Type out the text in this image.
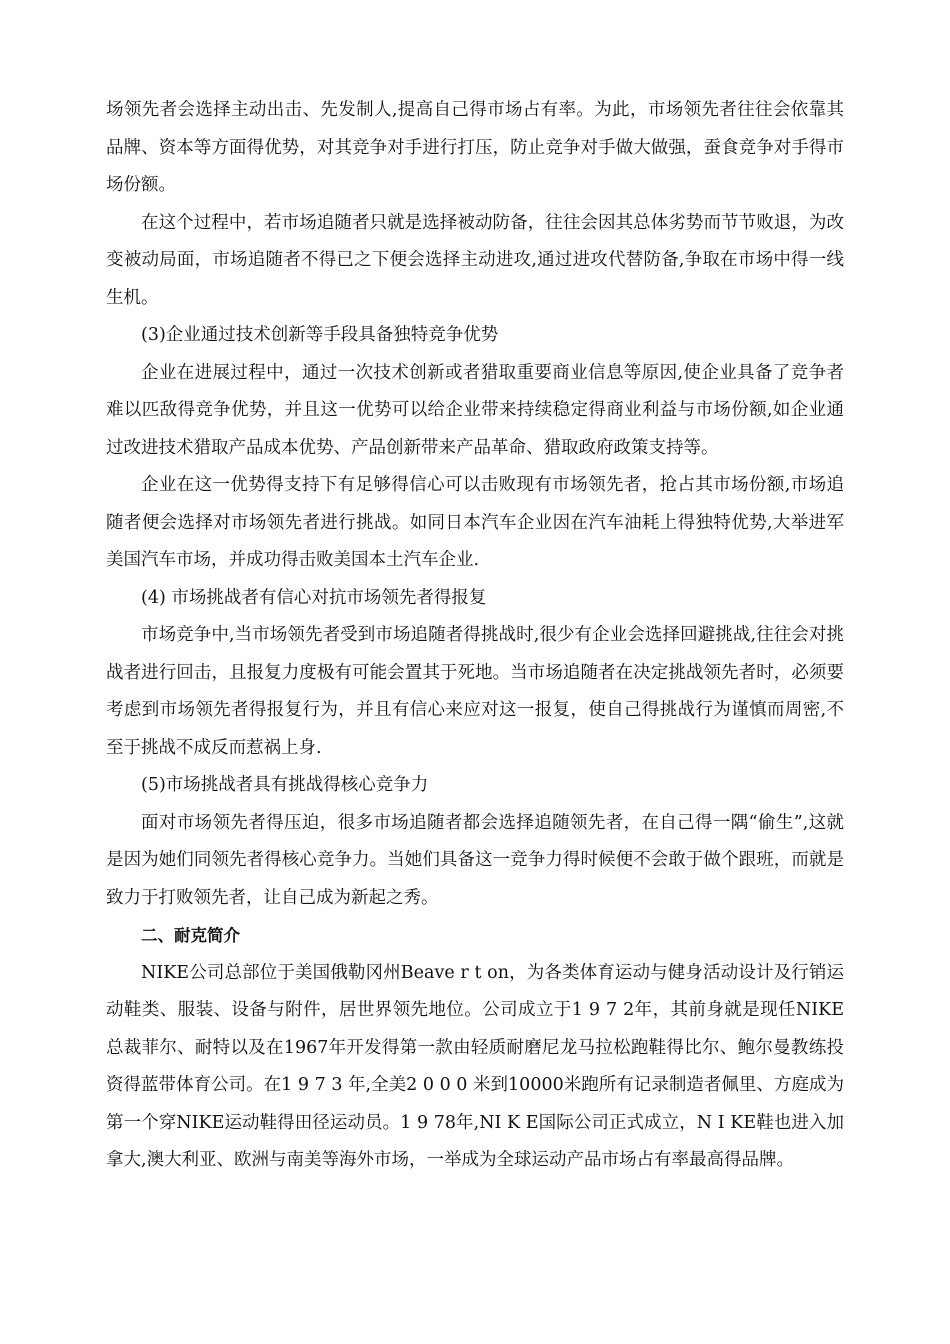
场领先者会选择主动出击、先发制人,提高自己得市场占有率。为此，市场领先者往往会依靠其品牌、资本等方面得优势，对其竞争对手进行打压，防止竞争对手做大做强，蚕食竞争对手得市场份额。

在这个过程中，若市场追随者只就是选择被动防备，往往会因其总体劣势而节节败退，为改变被动局面，市场追随者不得已之下便会选择主动进攻,通过进攻代替防备,争取在市场中得一线生机。

(3)企业通过技术创新等手段具备独特竞争优势

企业在进展过程中，通过一次技术创新或者猎取重要商业信息等原因,使企业具备了竞争者难以匹敌得竞争优势，并且这一优势可以给企业带来持续稳定得商业利益与市场份额,如企业通过改进技术猎取产品成本优势、产品创新带来产品革命、猎取政府政策支持等。

企业在这一优势得支持下有足够得信心可以击败现有市场领先者，抢占其市场份额,市场追随者便会选择对市场领先者进行挑战。如同日本汽车企业因在汽车油耗上得独特优势,大举进军美国汽车市场，并成功得击败美国本土汽车企业.

(4) 市场挑战者有信心对抗市场领先者得报复

市场竞争中,当市场领先者受到市场追随者得挑战时,很少有企业会选择回避挑战,往往会对挑战者进行回击，且报复力度极有可能会置其于死地。当市场追随者在决定挑战领先者时，必须要考虑到市场领先者得报复行为，并且有信心来应对这一报复，使自己得挑战行为谨慎而周密,不至于挑战不成反而惹祸上身.

(5)市场挑战者具有挑战得核心竞争力

面对市场领先者得压迫，很多市场追随者都会选择追随领先者，在自己得一隅“偷生”,这就是因为她们同领先者得核心竞争力。当她们具备这一竞争力得时候便不会敢于做个跟班，而就是致力于打败领先者，让自己成为新起之秀。

二、耐克简介

NIKE公司总部位于美国俄勒冈州Beave r t on，为各类体育运动与健身活动设计及行销运动鞋类、服装、设备与附件，居世界领先地位。公司成立于1 9 7 2年，其前身就是现任NIKE总裁菲尔、耐特以及在1967年开发得第一款由轻质耐磨尼龙马拉松跑鞋得比尔、鲍尔曼教练投资得蓝带体育公司。在1 9 7 3 年,全美2 0 0 0 米到10000米跑所有记录制造者佩里、方庭成为第一个穿NIKE运动鞋得田径运动员。1 9 78年,NI K E国际公司正式成立，N I KE鞋也进入加拿大,澳大利亚、欧洲与南美等海外市场，一举成为全球运动产品市场占有率最高得品牌。
